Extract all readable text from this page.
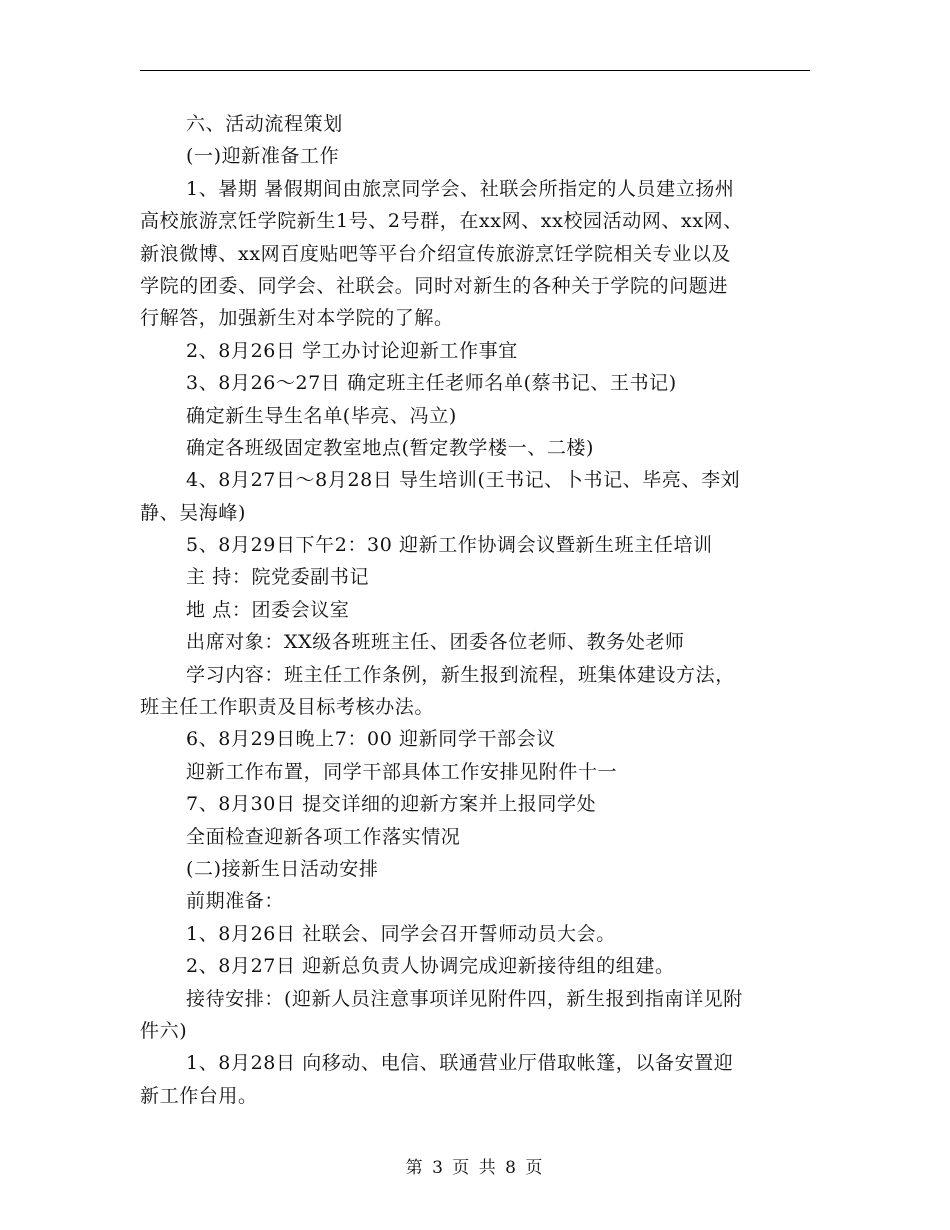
六、活动流程策划
(一)迎新准备工作
1、暑期 暑假期间由旅烹同学会、社联会所指定的人员建立扬州
高校旅游烹饪学院新生1号、2号群，在xx网、xx校园活动网、xx网、
新浪微博、xx网百度贴吧等平台介绍宣传旅游烹饪学院相关专业以及
学院的团委、同学会、社联会。同时对新生的各种关于学院的问题进
行解答，加强新生对本学院的了解。
2、8月26日 学工办讨论迎新工作事宜
3、8月26～27日 确定班主任老师名单(蔡书记、王书记)
确定新生导生名单(毕亮、冯立)
确定各班级固定教室地点(暂定教学楼一、二楼)
4、8月27日～8月28日 导生培训(王书记、卜书记、毕亮、李刘
静、吴海峰)
5、8月29日下午2：30 迎新工作协调会议暨新生班主任培训
主 持：院党委副书记
地 点：团委会议室
出席对象：XX级各班班主任、团委各位老师、教务处老师
学习内容：班主任工作条例，新生报到流程，班集体建设方法，
班主任工作职责及目标考核办法。
6、8月29日晚上7：00 迎新同学干部会议
迎新工作布置，同学干部具体工作安排见附件十一
7、8月30日 提交详细的迎新方案并上报同学处
全面检查迎新各项工作落实情况
(二)接新生日活动安排
前期准备：
1、8月26日 社联会、同学会召开誓师动员大会。
2、8月27日 迎新总负责人协调完成迎新接待组的组建。
接待安排：(迎新人员注意事项详见附件四，新生报到指南详见附
件六)
1、8月28日 向移动、电信、联通营业厅借取帐篷，以备安置迎
新工作台用。
第 3 页 共 8 页
